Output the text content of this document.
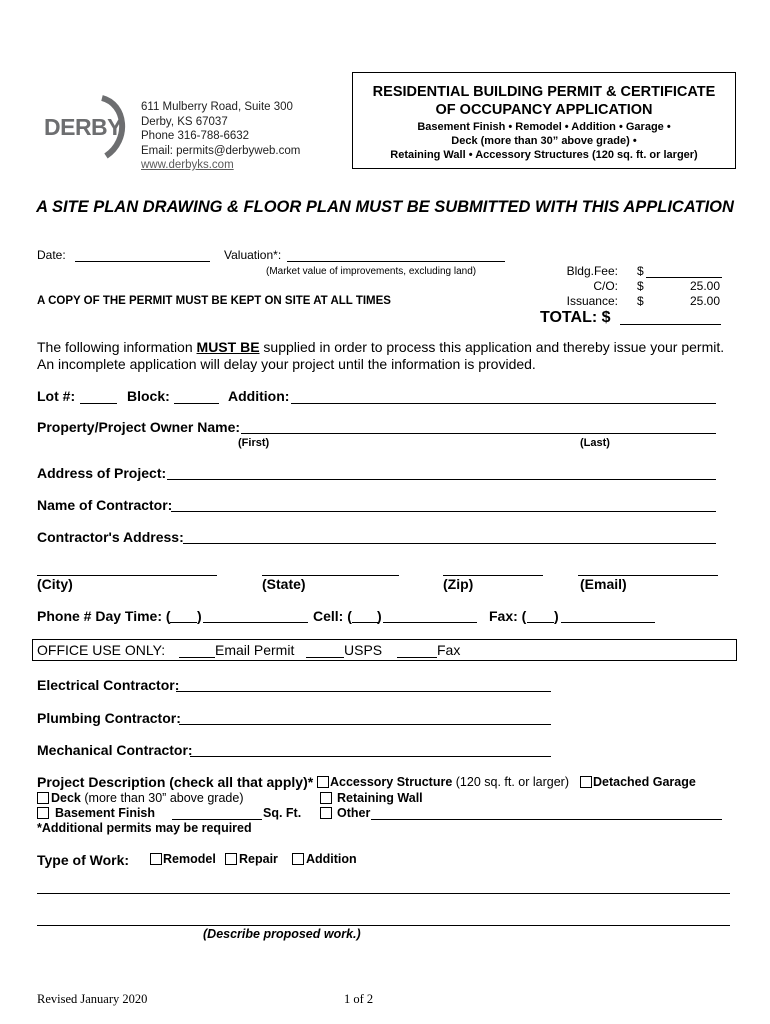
DERBY
611 Mulberry Road, Suite 300
Derby, KS 67037
Phone 316-788-6632
Email: permits@derbyweb.com
www.derbyks.com
RESIDENTIAL BUILDING PERMIT & CERTIFICATE
OF OCCUPANCY APPLICATION
Basement Finish • Remodel • Addition • Garage •
Deck (more than 30” above grade) •
Retaining Wall • Accessory Structures (120 sq. ft. or larger)
A SITE PLAN DRAWING & FLOOR PLAN MUST BE SUBMITTED WITH THIS APPLICATION
Date:	Valuation*:
(Market value of improvements, excluding land)
A COPY OF THE PERMIT MUST BE KEPT ON SITE AT ALL TIMES
Bldg.Fee: $
C/O: $	25.00
Issuance: $	25.00
TOTAL: $
The following information MUST BE supplied in order to process this application and thereby issue your permit. An incomplete application will delay your project until the information is provided.
Lot #:	Block:	Addition:
Property/Project Owner Name:
(First)	(Last)
Address of Project:
Name of Contractor:
Contractor's Address:
(City)	(State)	(Zip)	(Email)
Phone # Day Time: ( )	Cell: ( )	Fax: ( )
OFFICE USE ONLY:	Email Permit	USPS	Fax
Electrical Contractor:
Plumbing Contractor:
Mechanical Contractor:
Project Description (check all that apply)* Accessory Structure (120 sq. ft. or larger) Detached Garage
Deck (more than 30” above grade)	Retaining Wall
Basement Finish	Sq. Ft.	Other
*Additional permits may be required
Type of Work:	Remodel Repair Addition
(Describe proposed work.)
Revised January 2020	1 of 2
